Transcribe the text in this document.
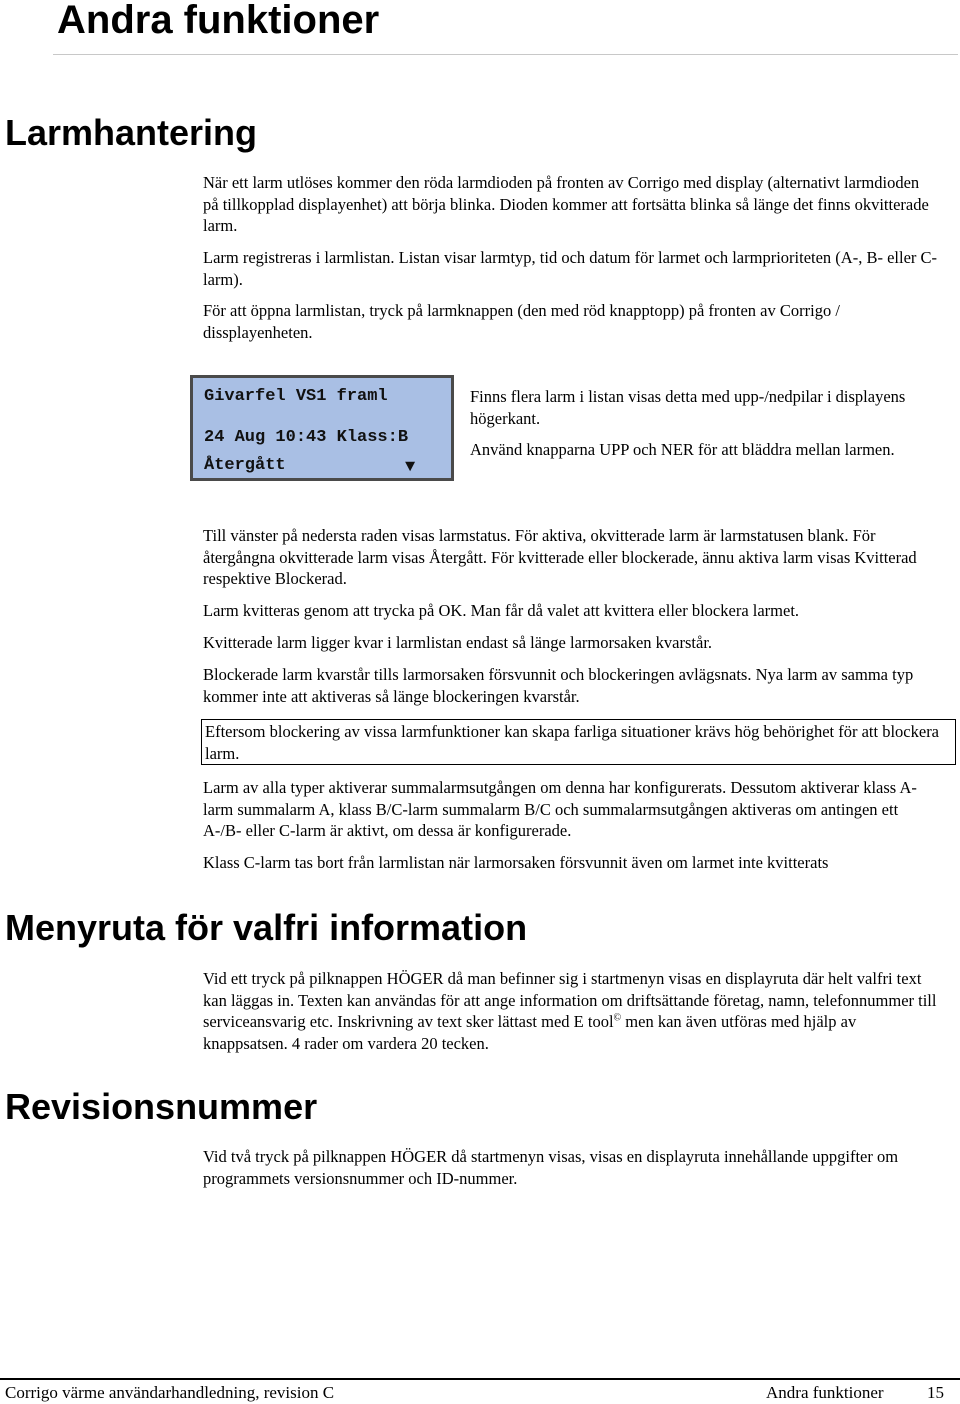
Andra funktioner
Larmhantering

När ett larm utlöses kommer den röda larmdioden på fronten av Corrigo med display (alternativt larmdioden på tillkopplad displayenhet) att börja blinka. Dioden kommer att fortsätta blinka så länge det finns okvitterade larm.

Larm registreras i larmlistan. Listan visar larmtyp, tid och datum för larmet och larmprioriteten (A-, B- eller C-larm).

För att öppna larmlistan, tryck på larmknappen (den med röd knapptopp) på fronten av Corrigo / dissplayenheten.

Givarfel VS1 framl
24 Aug 10:43 Klass:B
Återgått	▼

Finns flera larm i listan visas detta med upp-/nedpilar i displayens högerkant.

Använd knapparna UPP och NER för att bläddra mellan larmen.

Till vänster på nedersta raden visas larmstatus. För aktiva, okvitterade larm är larmstatusen blank. För återgångna okvitterade larm visas Återgått. För kvitterade eller blockerade, ännu aktiva larm visas Kvitterad respektive Blockerad.

Larm kvitteras genom att trycka på OK. Man får då valet att kvittera eller blockera larmet.

Kvitterade larm ligger kvar i larmlistan endast så länge larmorsaken kvarstår.

Blockerade larm kvarstår tills larmorsaken försvunnit och blockeringen avlägsnats. Nya larm av samma typ kommer inte att aktiveras så länge blockeringen kvarstår.

Eftersom blockering av vissa larmfunktioner kan skapa farliga situationer krävs hög behörighet för att blockera larm.

Larm av alla typer aktiverar summalarmsutgången om denna har konfigurerats. Dessutom aktiverar klass A-larm summalarm A, klass B/C-larm summalarm B/C och summalarmsutgången aktiveras om antingen ett A-/B- eller C-larm är aktivt, om dessa är konfigurerade.

Klass C-larm tas bort från larmlistan när larmorsaken försvunnit även om larmet inte kvitterats

Menyruta för valfri information

Vid ett tryck på pilknappen HÖGER då man befinner sig i startmenyn visas en displayruta där helt valfri text kan läggas in. Texten kan användas för att ange information om driftsättande företag, namn, telefonnummer till serviceansvarig etc. Inskrivning av text sker lättast med E tool© men kan även utföras med hjälp av knappsatsen. 4 rader om vardera 20 tecken.

Revisionsnummer

Vid två tryck på pilknappen HÖGER då startmenyn visas, visas en displayruta innehållande uppgifter om programmets versionsnummer och ID-nummer.

Corrigo värme användarhandledning, revision C	Andra funktioner	15
